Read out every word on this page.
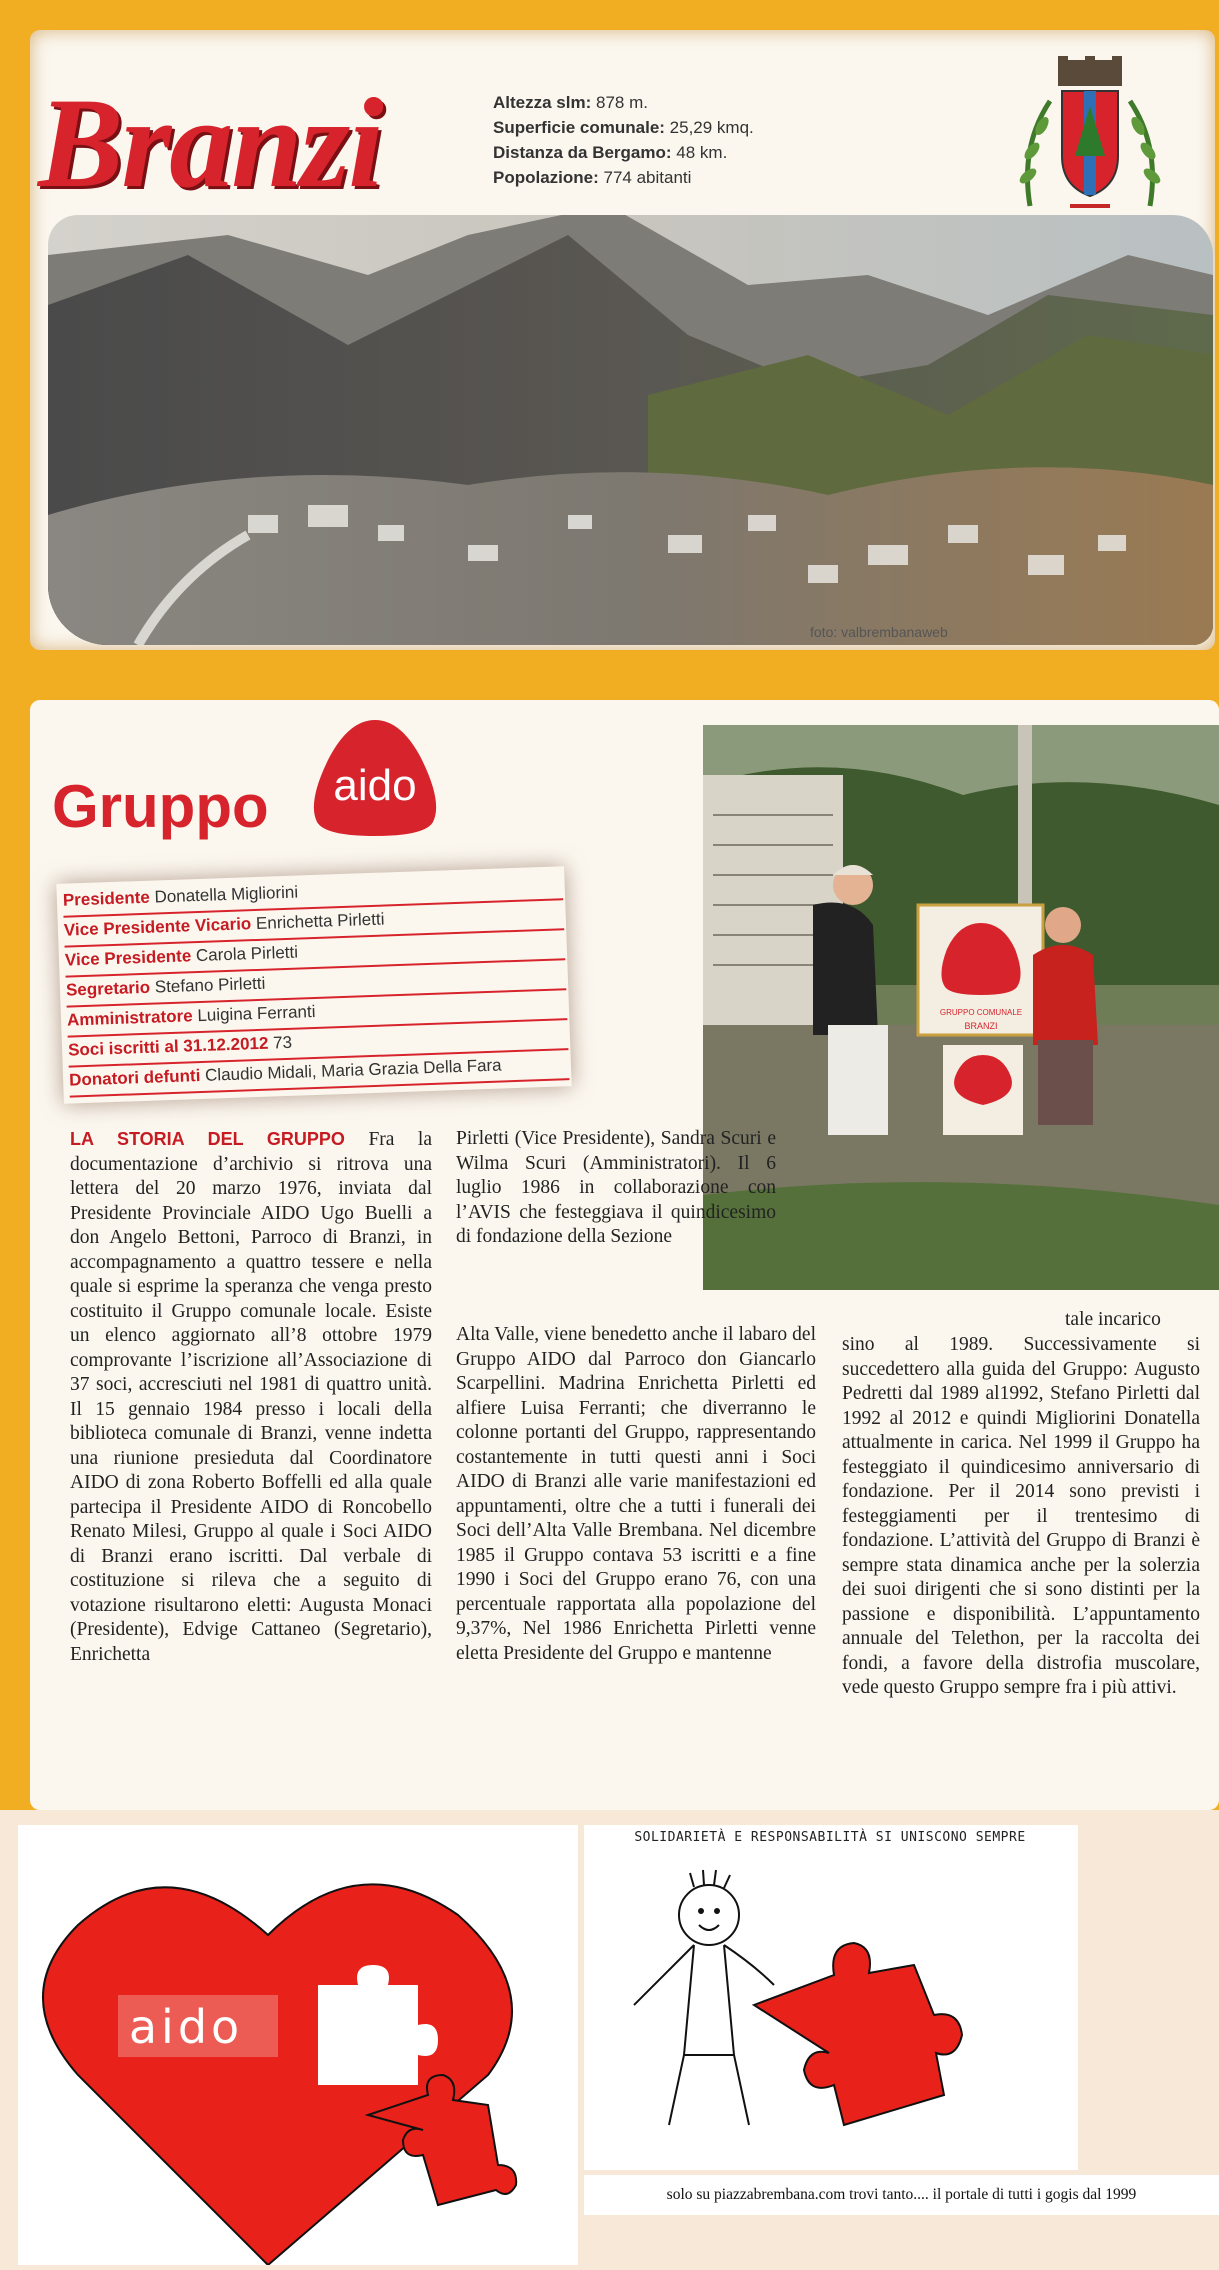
Branzi	Altezza slm: 878 m.
Superficie comunale: 25,29 kmq.
Distanza da Bergamo: 48 km.
Popolazione: 774 abitanti
foto: valbrembanaweb
Gruppo aido
Presidente Donatella Migliorini
Vice Presidente Vicario Enrichetta Pirletti
Vice Presidente Carola Pirletti
Segretario Stefano Pirletti
Amministratore Luigina Ferranti
Soci iscritti al 31.12.2012 73
Donatori defunti Claudio Midali, Maria Grazia Della Fara
GRUPPO COMUNALE
BRANZI
LA STORIA DEL GRUPPO Fra la documentazione d’archivio si ritrova una lettera del 20 marzo 1976, inviata dal Presidente Provinciale AIDO Ugo Buelli a don Angelo Bettoni, Parroco di Branzi, in accompagnamento a quattro tessere e nella quale si esprime la speranza che venga presto costituito il Gruppo comunale locale. Esiste un elenco aggiornato all’8 ottobre 1979 comprovante l’iscrizione all’Associazione di 37 soci, accresciuti nel 1981 di quattro unità. Il 15 gennaio 1984 presso i locali della biblioteca comunale di Branzi, venne indetta una riunione presieduta dal Coordinatore AIDO di zona Roberto Boffelli ed alla quale partecipa il Presidente AIDO di Roncobello Renato Milesi, Gruppo al quale i Soci AIDO di Branzi erano iscritti. Dal verbale di costituzione si rileva che a seguito di votazione risultarono eletti: Augusta Monaci (Presidente), Edvige Cattaneo (Segretario), Enrichetta
Pirletti (Vice Presidente), Sandra Scuri e Wilma Scuri (Amministratori). Il 6 luglio 1986 in collaborazione con l’AVIS che festeggiava il quindicesimo di fondazione della Sezione
Alta Valle, viene benedetto anche il labaro del Gruppo AIDO dal Parroco don Giancarlo Scarpellini. Madrina Enrichetta Pirletti ed alfiere Luisa Ferranti; che diverranno le colonne portanti del Gruppo, rappresentando costantemente in tutti questi anni i Soci AIDO di Branzi alle varie manifestazioni ed appuntamenti, oltre che a tutti i funerali dei Soci dell’Alta Valle Brembana. Nel dicembre 1985 il Gruppo contava 53 iscritti e a fine 1990 i Soci del Gruppo erano 76, con una percentuale rapportata alla popolazione del 9,37%, Nel 1986 Enrichetta Pirletti venne eletta Presidente del Gruppo e mantenne
tale incarico
sino al 1989. Successivamente si succedettero alla guida del Gruppo: Augusto Pedretti dal 1989 al1992, Stefano Pirletti dal 1992 al 2012 e quindi Migliorini Donatella attualmente in carica. Nel 1999 il Gruppo ha festeggiato il quindicesimo anniversario di fondazione. Per il 2014 sono previsti i festeggiamenti per il trentesimo di fondazione. L’attività del Gruppo di Branzi è sempre stata dinamica anche per la solerzia dei suoi dirigenti che si sono distinti per la passione e disponibilità. L’appuntamento annuale del Telethon, per la raccolta dei fondi, a favore della distrofia muscolare, vede questo Gruppo sempre fra i più attivi.
aido
SOLIDARIETÀ E RESPONSABILITÀ SI UNISCONO SEMPRE
solo su piazzabrembana.com trovi tanto.... il portale di tutti i gogis dal 1999
